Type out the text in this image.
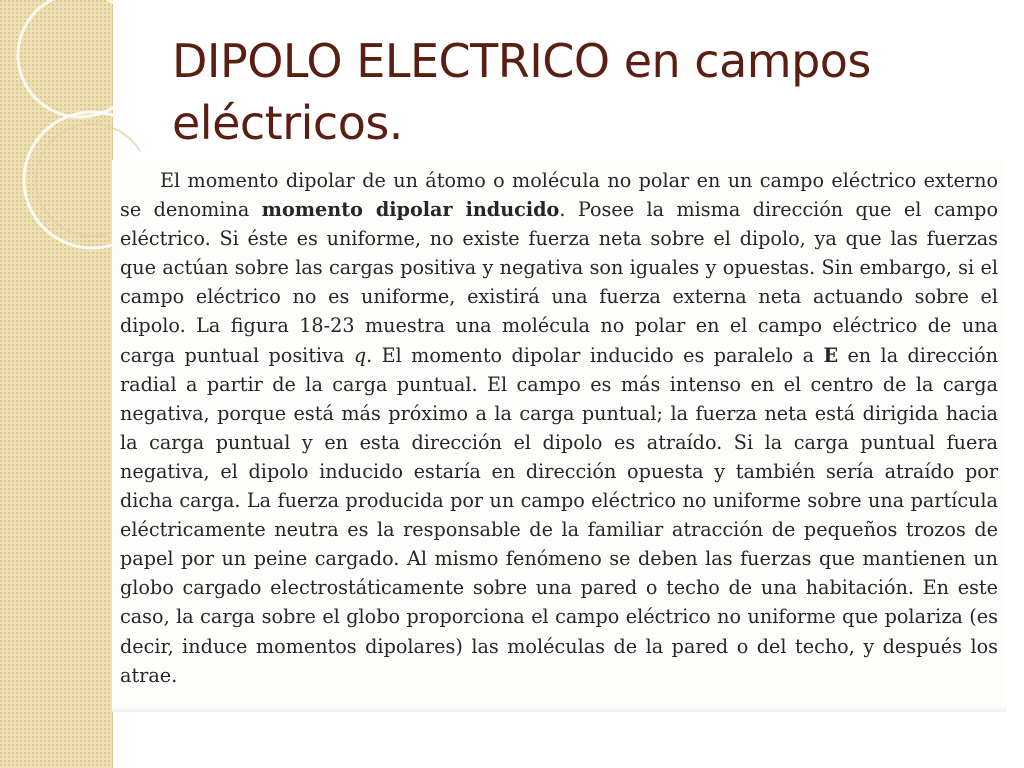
DIPOLO ELECTRICO en campos eléctricos.

El momento dipolar de un átomo o molécula no polar en un campo eléctrico externo se denomina momento dipolar inducido. Posee la misma dirección que el campo eléctrico. Si éste es uniforme, no existe fuerza neta sobre el dipolo, ya que las fuerzas que actúan sobre las cargas positiva y negativa son iguales y opuestas. Sin embargo, si el campo eléctrico no es uniforme, existirá una fuerza externa neta actuando sobre el dipolo. La figura 18-23 muestra una molécula no polar en el campo eléctrico de una carga puntual positiva q. El momento dipolar inducido es paralelo a E en la dirección radial a partir de la carga puntual. El campo es más intenso en el centro de la carga negativa, porque está más próximo a la carga puntual; la fuerza neta está dirigida hacia la carga puntual y en esta dirección el dipolo es atraído. Si la carga puntual fuera negativa, el dipolo inducido estaría en dirección opuesta y también sería atraído por dicha carga. La fuerza producida por un campo eléctrico no uniforme sobre una partícula eléctricamente neutra es la responsable de la familiar atracción de pequeños trozos de papel por un peine cargado. Al mismo fenómeno se deben las fuerzas que mantienen un globo cargado electrostáticamente sobre una pared o techo de una habitación. En este caso, la carga sobre el globo proporciona el campo eléctrico no uniforme que polariza (es decir, induce momentos dipolares) las moléculas de la pared o del techo, y después los atrae.
